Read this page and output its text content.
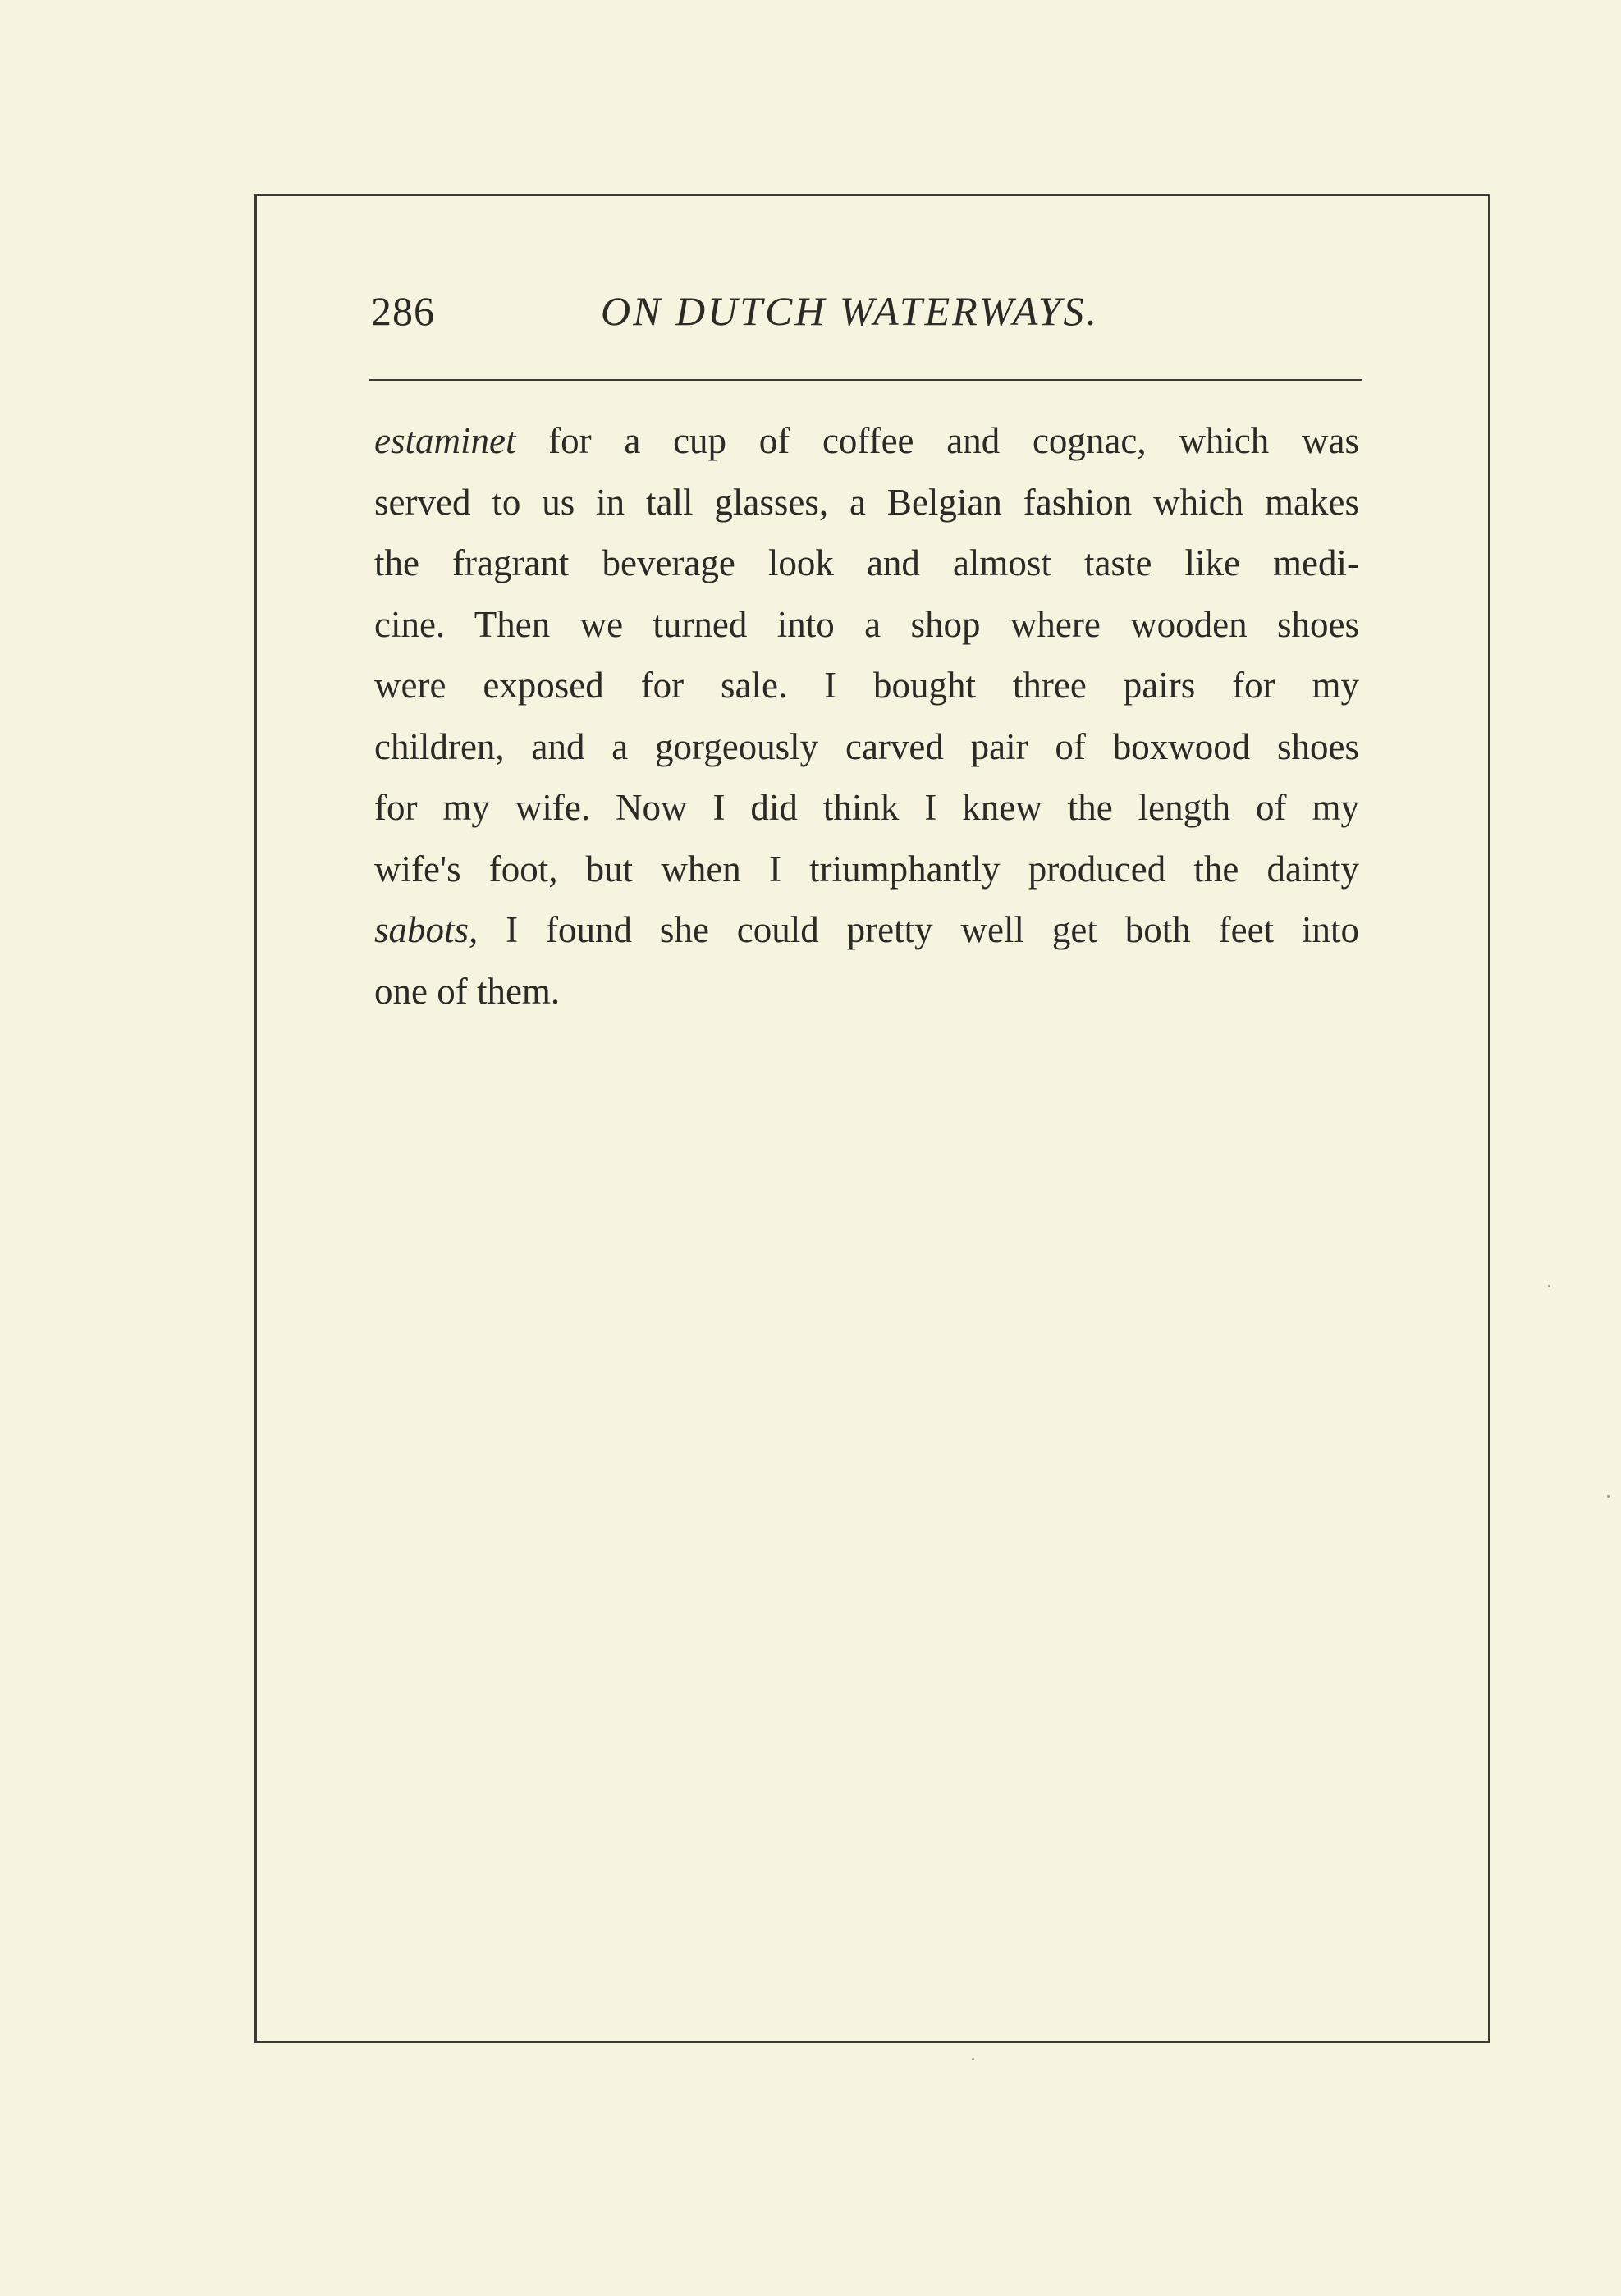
286	ON DUTCH WATERWAYS.
estaminet for a cup of coffee and cognac, which was
served to us in tall glasses, a Belgian fashion which makes
the fragrant beverage look and almost taste like medi-
cine. Then we turned into a shop where wooden shoes
were exposed for sale. I bought three pairs for my
children, and a gorgeously carved pair of boxwood shoes
for my wife. Now I did think I knew the length of my
wife's foot, but when I triumphantly produced the dainty
sabots, I found she could pretty well get both feet into
one of them.
